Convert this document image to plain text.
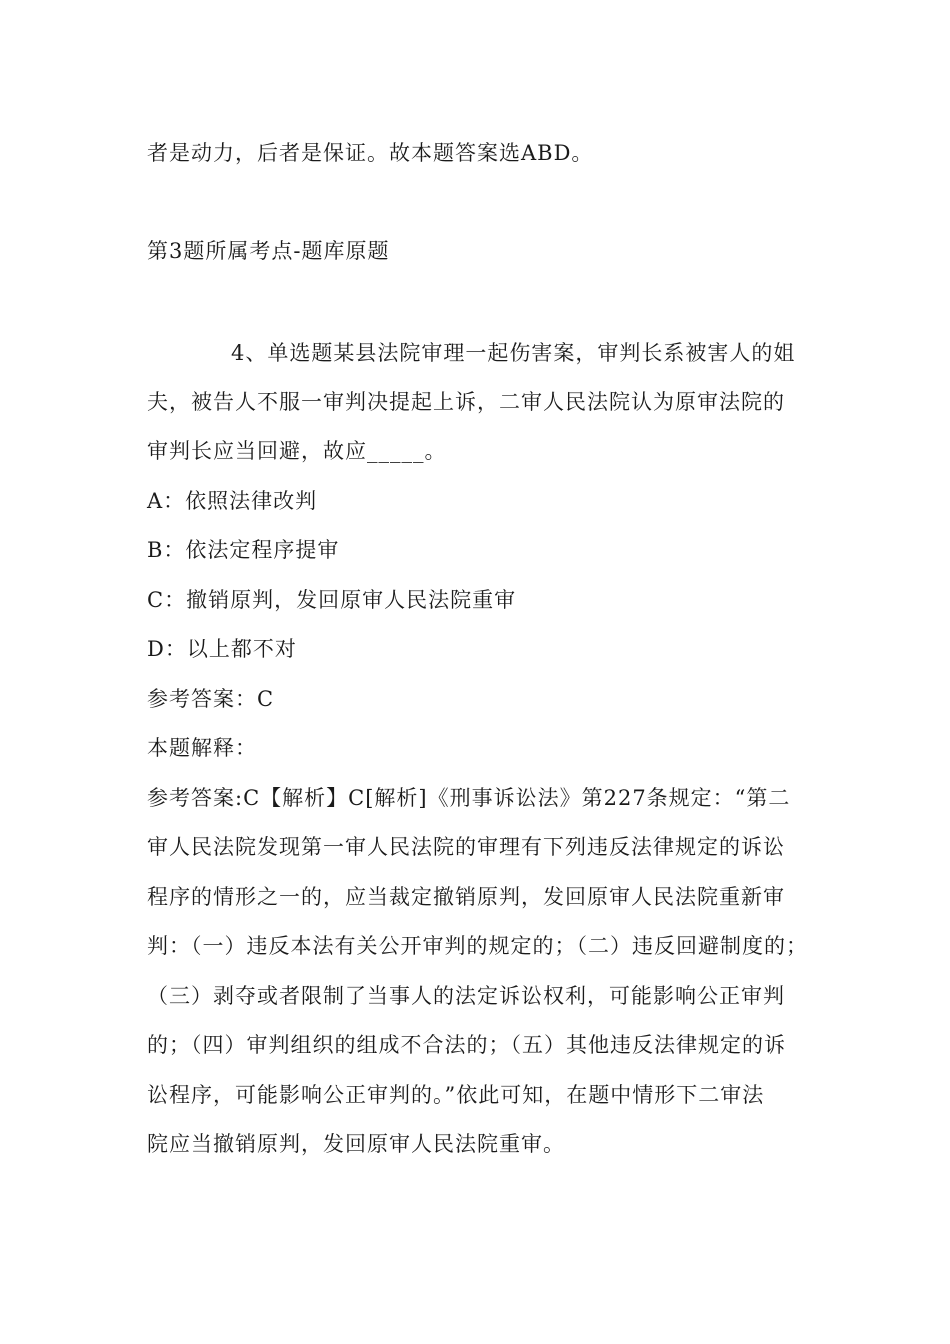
者是动力，后者是保证。故本题答案选ABD。
第3题所属考点-题库原题
4、单选题某县法院审理一起伤害案，审判长系被害人的姐
夫，被告人不服一审判决提起上诉，二审人民法院认为原审法院的
审判长应当回避，故应_____。
A：依照法律改判
B：依法定程序提审
C：撤销原判，发回原审人民法院重审
D：以上都不对
参考答案：C
本题解释：
参考答案:C【解析】C[解析]《刑事诉讼法》第227条规定：“第二
审人民法院发现第一审人民法院的审理有下列违反法律规定的诉讼
程序的情形之一的，应当裁定撤销原判，发回原审人民法院重新审
判：（一）违反本法有关公开审判的规定的；（二）违反回避制度的；
（三）剥夺或者限制了当事人的法定诉讼权利，可能影响公正审判
的；（四）审判组织的组成不合法的；（五）其他违反法律规定的诉
讼程序，可能影响公正审判的。”依此可知，在题中情形下二审法
院应当撤销原判，发回原审人民法院重审。
